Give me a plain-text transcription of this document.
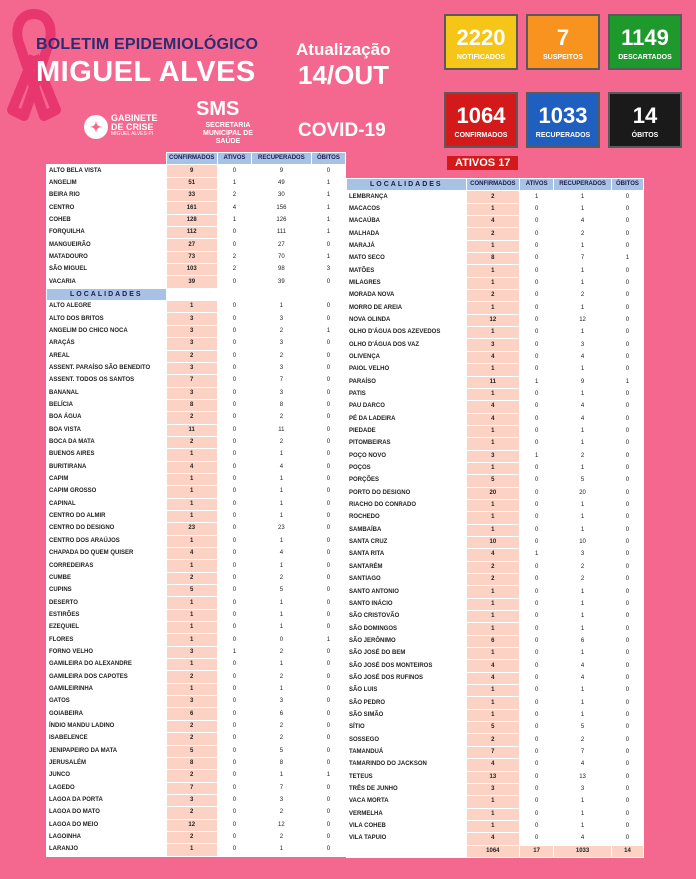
BOLETIM EPIDEMIOLÓGICO
MIGUEL ALVES
Atualização
14/OUT
COVID-19
✦
GABINETE
DE CRISE
MIGUEL ALVES-PI
SMS
SECRETARIA MUNICIPAL DE SAÚDE
2220
NOTIFICADOS
7
SUSPEITOS
1149
DESCARTADOS
1064
CONFIRMADOS
1033
RECUPERADOS
14
ÓBITOS
ATIVOS 17
	CONFIRMADOS	ATIVOS	RECUPERADOS	ÓBITOS
ALTO BELA VISTA	9	0	9	0
ANGELIM	51	1	49	1
BEIRA RIO	33	2	30	1
CENTRO	161	4	156	1
COHEB	128	1	126	1
FORQUILHA	112	0	111	1
MANGUEIRÃO	27	0	27	0
MATADOURO	73	2	70	1
SÃO MIGUEL	103	2	98	3
VACARIA	39	0	39	0
LOCALIDADES				
ALTO ALEGRE	1	0	1	0
ALTO DOS BRITOS	3	0	3	0
ANGELIM DO CHICO NOCA	3	0	2	1
ARAÇÁS	3	0	3	0
AREAL	2	0	2	0
ASSENT. PARAÍSO SÃO BENEDITO	3	0	3	0
ASSENT. TODOS OS SANTOS	7	0	7	0
BANANAL	3	0	3	0
BELÍCIA	8	0	8	0
BOA ÁGUA	2	0	2	0
BOA VISTA	11	0	11	0
BOCA DA MATA	2	0	2	0
BUENOS AIRES	1	0	1	0
BURITIRANA	4	0	4	0
CAPIM	1	0	1	0
CAPIM GROSSO	1	0	1	0
CAPINAL	1	0	1	0
CENTRO DO ALMIR	1	0	1	0
CENTRO DO DESIGNO	23	0	23	0
CENTRO DOS ARAÚJOS	1	0	1	0
CHAPADA DO QUEM QUISER	4	0	4	0
CORREDEIRAS	1	0	1	0
CUMBE	2	0	2	0
CUPINS	5	0	5	0
DESERTO	1	0	1	0
ESTIRÕES	1	0	1	0
EZEQUIEL	1	0	1	0
FLORES	1	0	0	1
FORNO VELHO	3	1	2	0
GAMILEIRA DO ALEXANDRE	1	0	1	0
GAMILEIRA DOS CAPOTES	2	0	2	0
GAMILEIRINHA	1	0	1	0
GATOS	3	0	3	0
GOIABEIRA	6	0	6	0
ÍNDIO MANDU LADINO	2	0	2	0
ISABELENCE	2	0	2	0
JENIPAPEIRO DA MATA	5	0	5	0
JERUSALÉM	8	0	8	0
JUNCO	2	0	1	1
LAGEDO	7	0	7	0
LAGOA DA PORTA	3	0	3	0
LAGOA DO MATO	2	0	2	0
LAGOA DO MEIO	12	0	12	0
LAGOINHA	2	0	2	0
LARANJO	1	0	1	0
LOCALIDADES	CONFIRMADOS	ATIVOS	RECUPERADOS	ÓBITOS
LEMBRANÇA	2	1	1	0
MACACOS	1	0	1	0
MACAÚBA	4	0	4	0
MALHADA	2	0	2	0
MARAJÁ	1	0	1	0
MATO SECO	8	0	7	1
MATÕES	1	0	1	0
MILAGRES	1	0	1	0
MORADA NOVA	2	0	2	0
MORRO DE AREIA	1	0	1	0
NOVA OLINDA	12	0	12	0
OLHO D'ÁGUA DOS AZEVEDOS	1	0	1	0
OLHO D'ÁGUA DOS VAZ	3	0	3	0
OLIVENÇA	4	0	4	0
PAIOL VELHO	1	0	1	0
PARAÍSO	11	1	9	1
PATIS	1	0	1	0
PAU DARCO	4	0	4	0
PÉ DA LADEIRA	4	0	4	0
PIEDADE	1	0	1	0
PITOMBEIRAS	1	0	1	0
POÇO NOVO	3	1	2	0
POÇOS	1	0	1	0
PORÇÕES	5	0	5	0
PORTO DO DESIGNO	20	0	20	0
RIACHO DO CONRADO	1	0	1	0
ROCHEDO	1	0	1	0
SAMBAÍBA	1	0	1	0
SANTA CRUZ	10	0	10	0
SANTA RITA	4	1	3	0
SANTARÉM	2	0	2	0
SANTIAGO	2	0	2	0
SANTO ANTONIO	1	0	1	0
SANTO INÁCIO	1	0	1	0
SÃO CRISTOVÃO	1	0	1	0
SÃO DOMINGOS	1	0	1	0
SÃO JERÔNIMO	6	0	6	0
SÃO JOSÉ DO BEM	1	0	1	0
SÃO JOSÉ DOS MONTEIROS	4	0	4	0
SÃO JOSÉ DOS RUFINOS	4	0	4	0
SÃO LUIS	1	0	1	0
SÃO PEDRO	1	0	1	0
SÃO SIMÃO	1	0	1	0
SÍTIO	5	0	5	0
SOSSEGO	2	0	2	0
TAMANDUÁ	7	0	7	0
TAMARINDO DO JACKSON	4	0	4	0
TETEUS	13	0	13	0
TRÊS DE JUNHO	3	0	3	0
VACA MORTA	1	0	1	0
VERMELHA	1	0	1	0
VILA COHEB	1	0	1	0
VILA TAPUIO	4	0	4	0
	1064	17	1033	14
